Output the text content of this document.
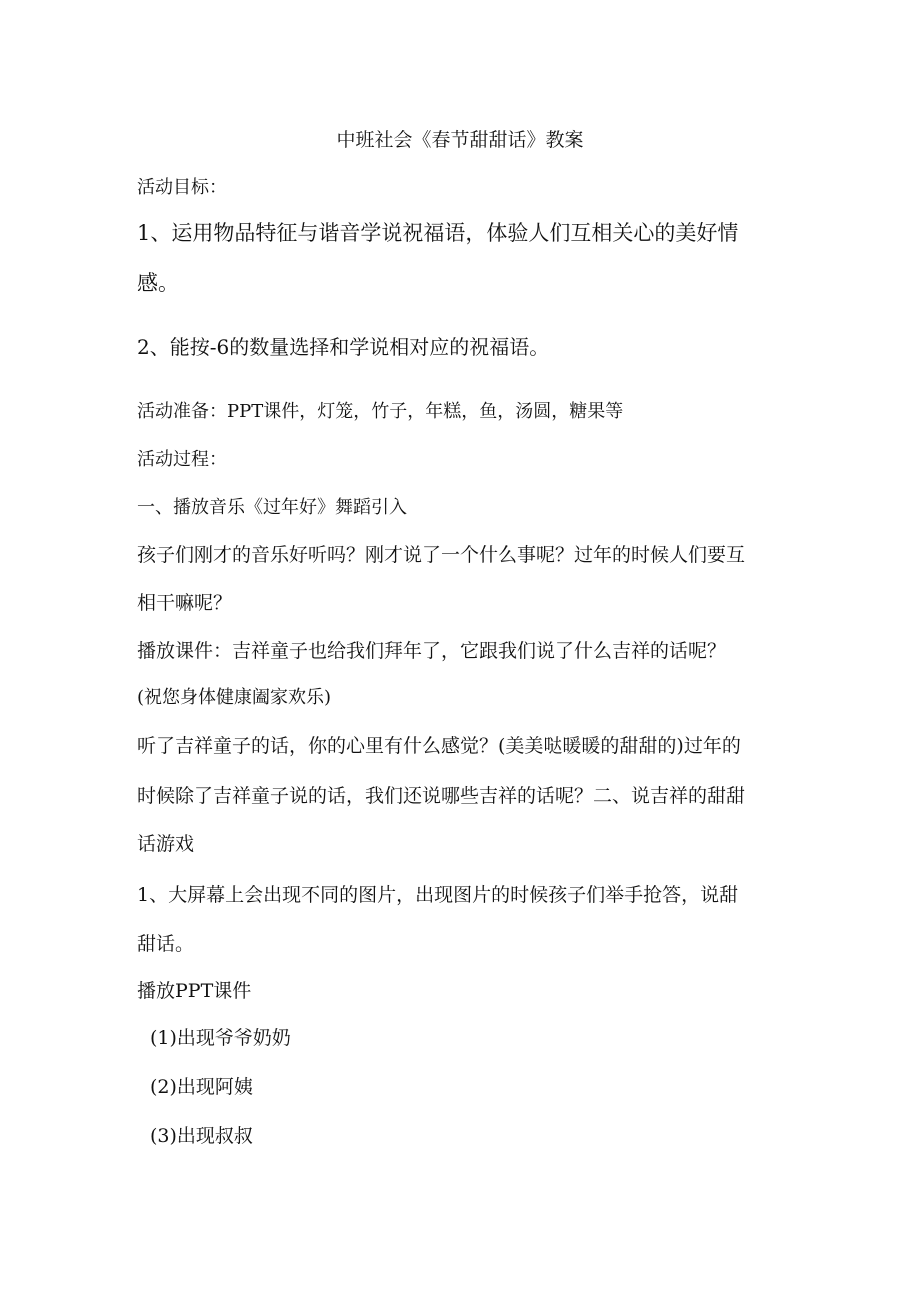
中班社会《春节甜甜话》教案
活动目标：
1、运用物品特征与谐音学说祝福语，体验人们互相关心的美好情
感。
2、能按-6的数量选择和学说相对应的祝福语。
活动准备：PPT课件，灯笼，竹子，年糕，鱼，汤圆，糖果等
活动过程：
一、播放音乐《过年好》舞蹈引入
孩子们刚才的音乐好听吗？刚才说了一个什么事呢？过年的时候人们要互
相干嘛呢？
播放课件：吉祥童子也给我们拜年了，它跟我们说了什么吉祥的话呢？
(祝您身体健康阖家欢乐)
听了吉祥童子的话，你的心里有什么感觉？(美美哒暖暖的甜甜的)过年的
时候除了吉祥童子说的话，我们还说哪些吉祥的话呢？二、说吉祥的甜甜
话游戏
1、大屏幕上会出现不同的图片，出现图片的时候孩子们举手抢答，说甜
甜话。
播放PPT课件
(1)出现爷爷奶奶
(2)出现阿姨
(3)出现叔叔
